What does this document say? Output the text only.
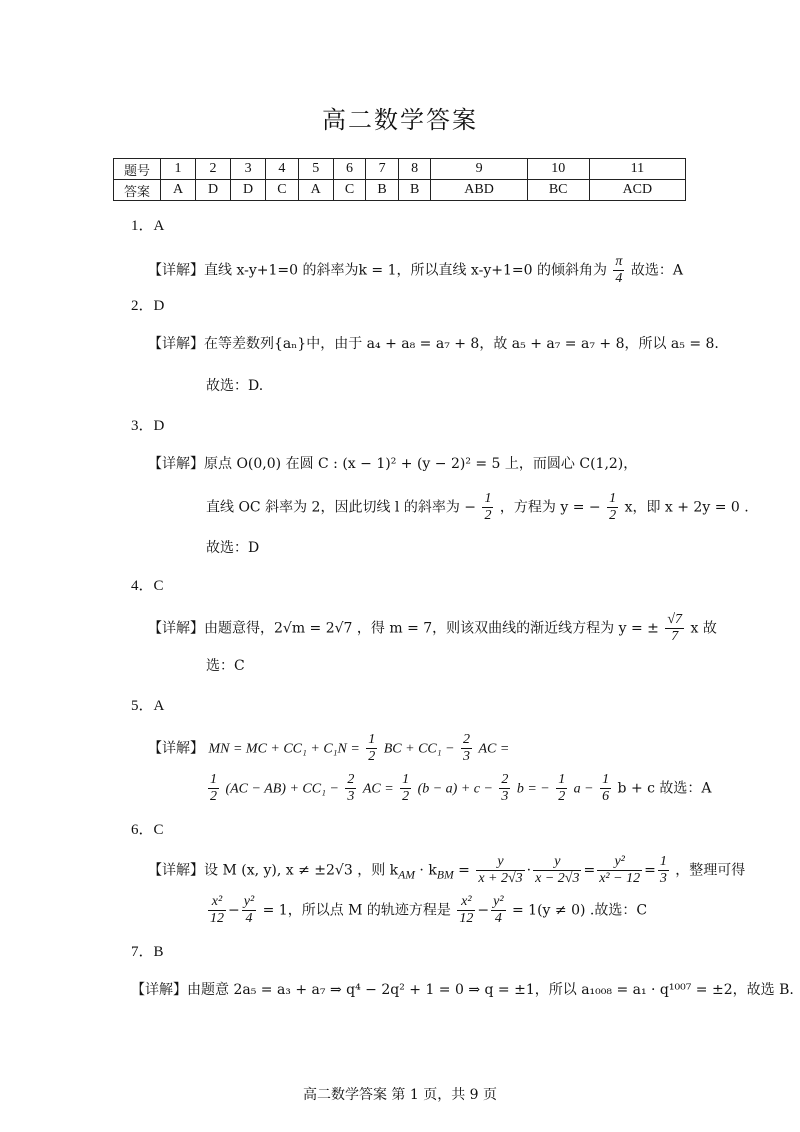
高二数学答案
题号	1	2	3	4	5	6	7	8	9	10	11
答案	A	D	D	C	A	C	B	B	ABD	BC	ACD
1．A
【详解】直线 x-y+1=0 的斜率为k = 1，所以直线 x-y+1=0 的倾斜角为 $\frac{\pi}{4}$ 故选：A
2．D
【详解】在等差数列{aₙ}中，由于 a₄ + a₈ = a₇ + 8，故 a₅ + a₇ = a₇ + 8，所以 a₅ = 8.
故选：D.
3．D
【详解】原点 O(0,0) 在圆 C : (x − 1)² + (y − 2)² = 5 上，而圆心 C(1,2)，
直线 OC 斜率为 2，因此切线 l 的斜率为 − $\frac{1}{2}$ ，方程为 y = − $\frac{1}{2}$ x，即 x + 2y = 0 .
故选：D
4．C
【详解】由题意得，2√m = 2√7 ，得 m = 7，则该双曲线的渐近线方程为 y = ± $\frac{√7}{7}$ x 故
选：C
5．A
【详解】 MN = MC + $CC_1 + C_1N = \frac{1}{2}$ BC + $CC_1 - \frac{2}{3}$ AC =
$\frac{1}{2} (AC - AB) + CC_1 - \frac{2}{3}$ AC = $\frac{1}{2} (b - a) + c - \frac{2}{3}$ b = − $\frac{1}{2}$ $a - \frac{1}{6}$ b + c 故选：A
6．C
【详解】设 M (x, y), x ≠ ±2√3 ，则 $k_{AM} \cdot k_{BM} = \frac{y}{x + 2√3} \cdot \frac{y}{x - 2√3} = \frac{\text{y²}}{\text{x² − 12}} = \frac{1}{3}$ ，整理可得
$\frac{\text{x²}}{12} - \frac{\text{y²}}{4} = 1$，所以点 M 的轨迹方程是 $\frac{\text{x²}}{12} - \frac{\text{y²}}{4} = 1(y \ne 0)$ .故选：C
7．B
【详解】由题意 2a₅ = a₃ + a₇ ⇒ q⁴ − 2q² + 1 = 0 ⇒ q = ±1，所以 a₁₀₀₈ = a₁ · q¹⁰⁰⁷ = ±2，故选 B.
高二数学答案 第 1 页，共 9 页
